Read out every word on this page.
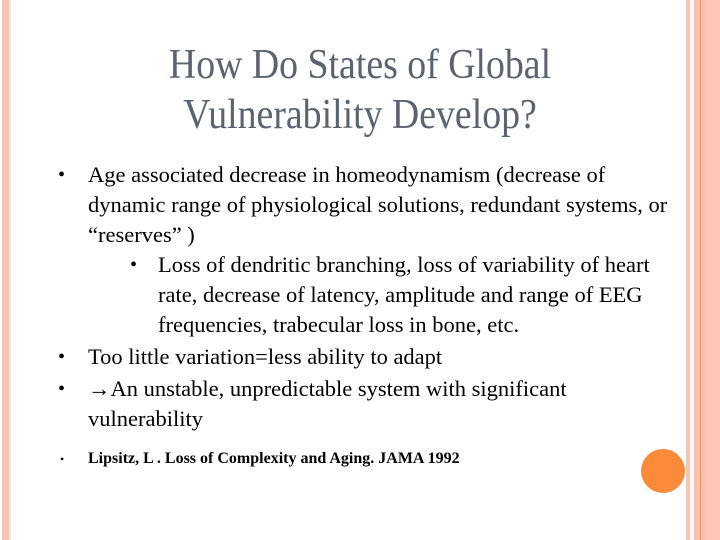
How Do States of Global
Vulnerability Develop?
• Age associated decrease in homeodynamism (decrease of dynamic range of physiological solutions, redundant systems, or “reserves” )
• Loss of dendritic branching, loss of variability of heart rate, decrease of latency, amplitude and range of EEG frequencies, trabecular loss in bone, etc.
• Too little variation=less ability to adapt
• →An unstable, unpredictable system with significant vulnerability
• Lipsitz, L . Loss of Complexity and Aging. JAMA 1992
